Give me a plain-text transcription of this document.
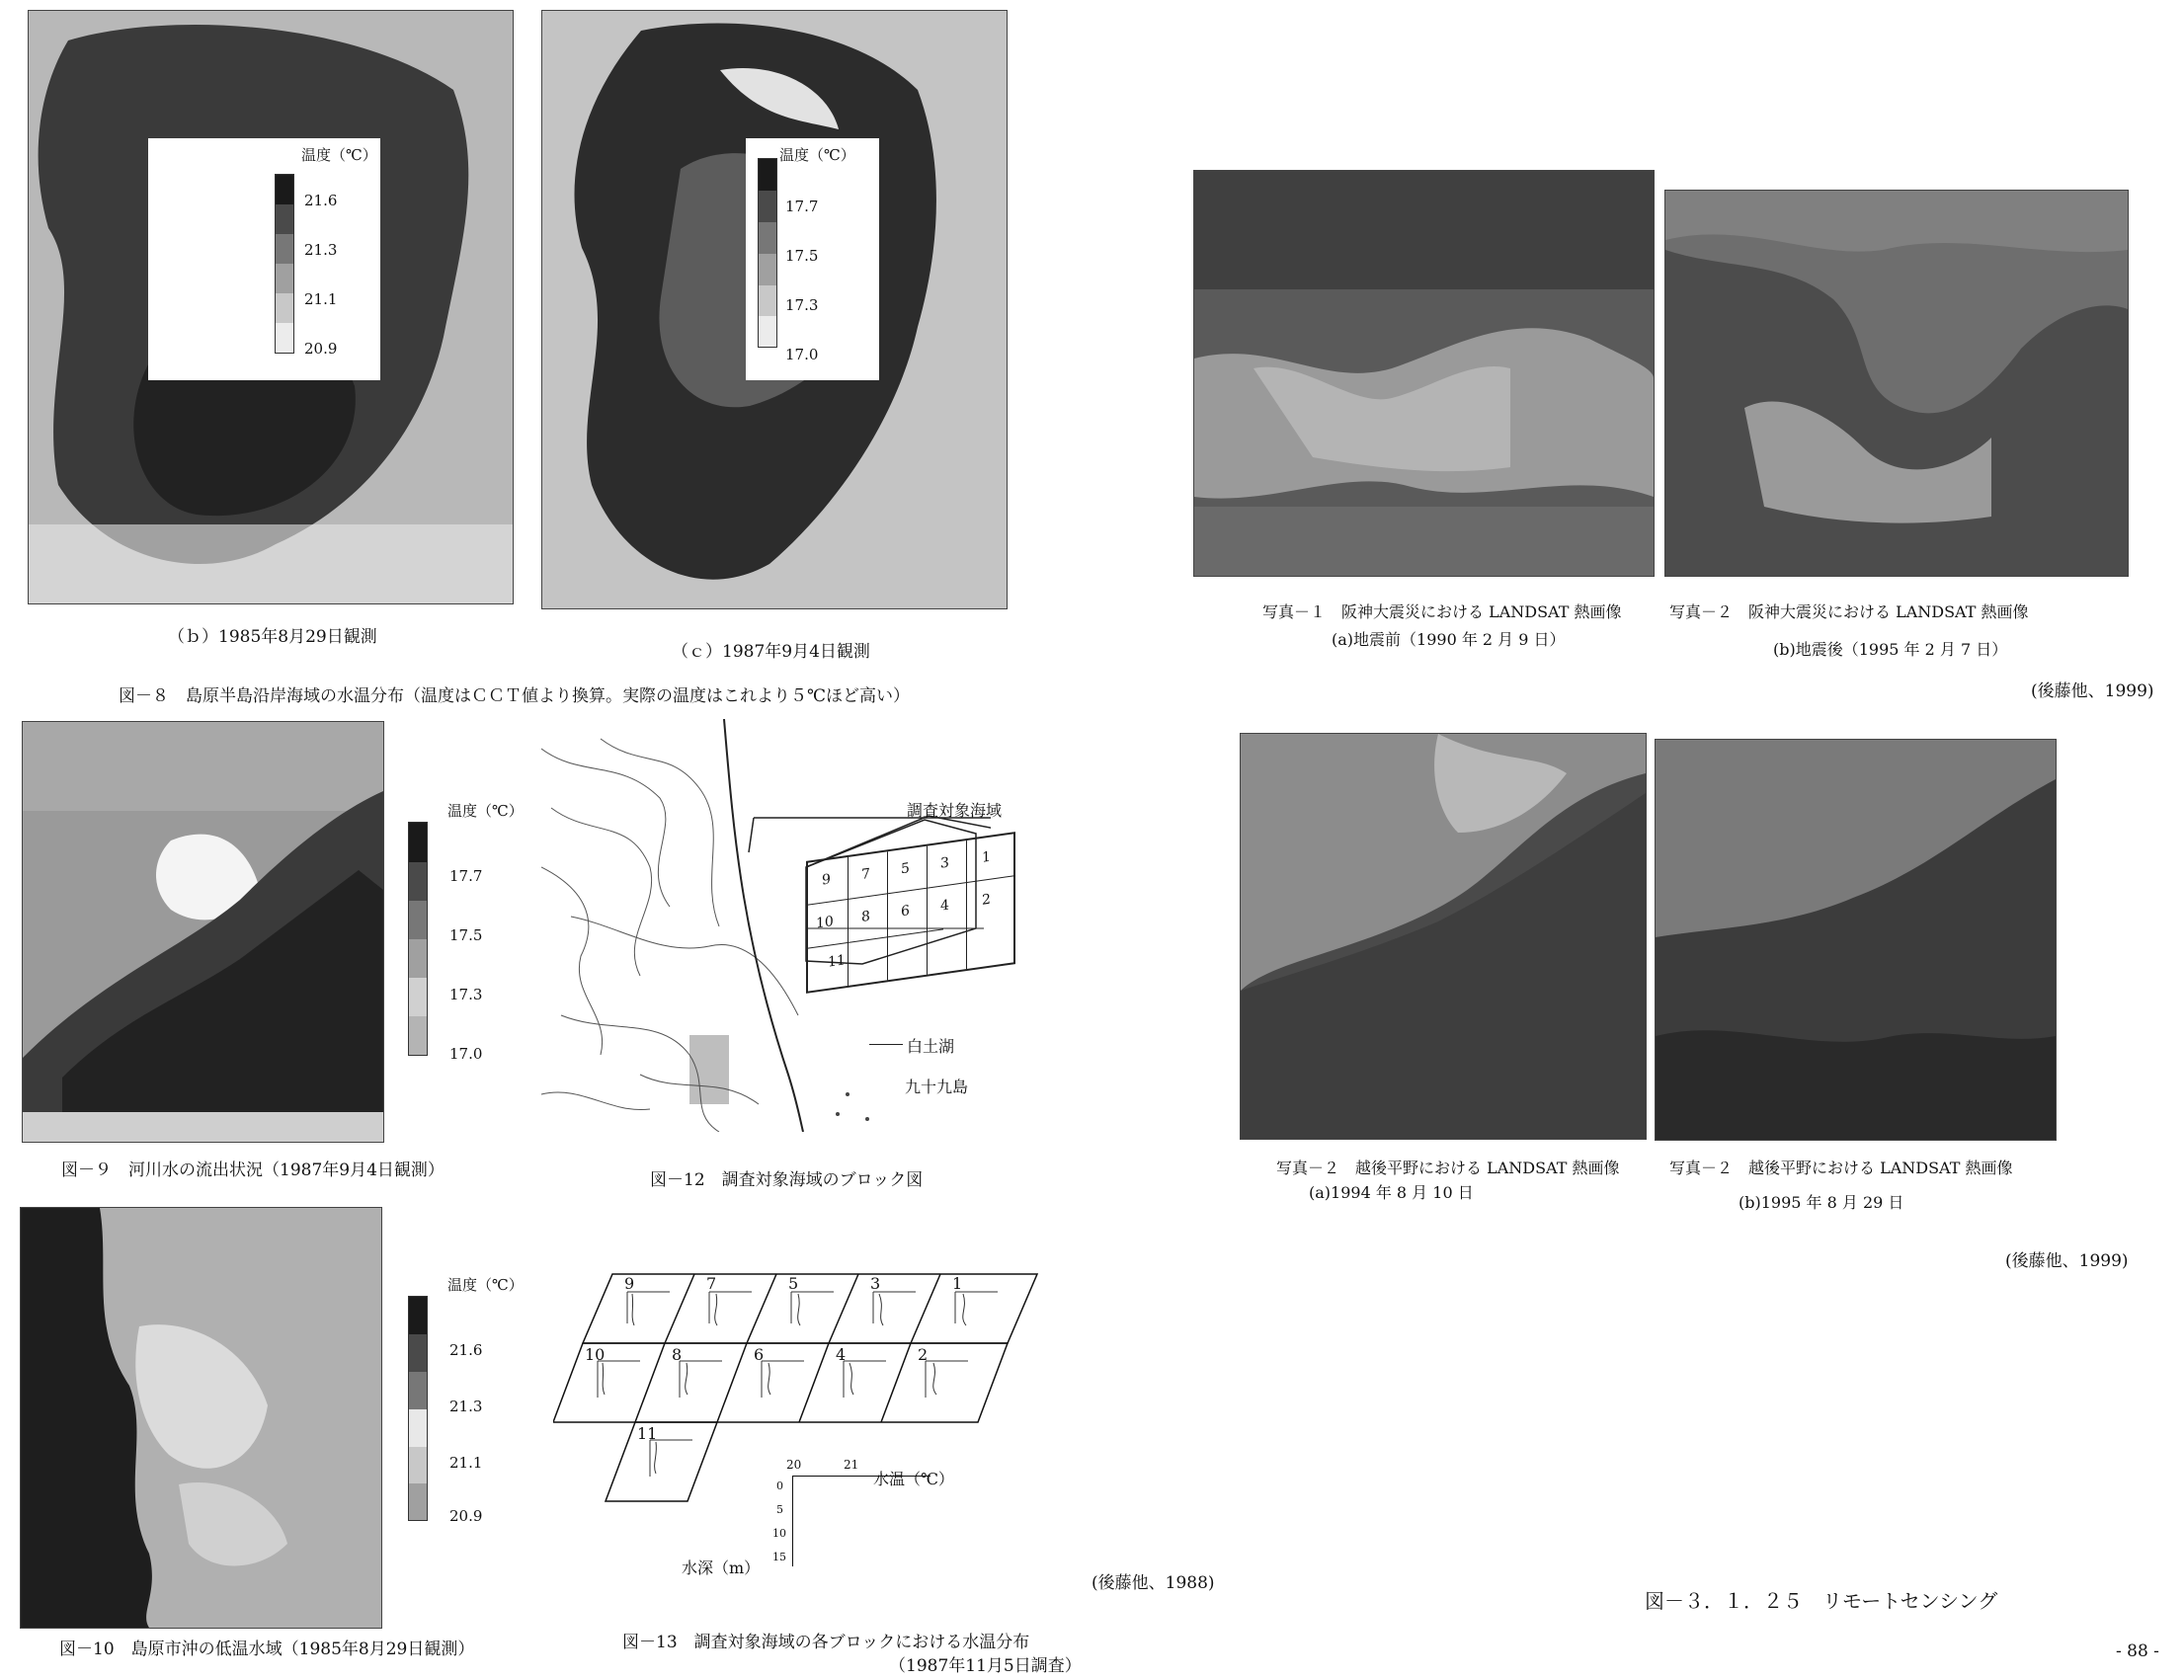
温度（℃）
21.6
21.3
21.1
20.9
温度（℃）
17.7
17.5
17.3
17.0
（ｂ）1985年8月29日観測
（ｃ）1987年9月4日観測
図－８　島原半島沿岸海域の水温分布（温度はＣＣＴ値より換算。実際の温度はこれより５℃ほど高い）
温度（℃）
17.7
17.5
17.3
17.0
図－９　河川水の流出状況（1987年9月4日観測）
9 7 5 3 1
10 8 6 4 2
11
調査対象海域
白土湖
九十九島
図－12　調査対象海域のブロック図
温度（℃）
21.6
21.3
21.1
20.9
図－10　島原市沖の低温水域（1985年8月29日観測）
9	7	5	3	1
10	8	6	4	2
11
20	21
0
5
10
15
水温（℃）
水深（m）
図－13　調査対象海域の各ブロックにおける水温分布
（1987年11月5日調査）
(後藤他、1988)
写真－１　阪神大震災における LANDSAT 熱画像
(a)地震前（1990 年 2 月 9 日）
写真－２　阪神大震災における LANDSAT 熱画像
(b)地震後（1995 年 2 月 7 日）
(後藤他、1999)
写真－２　越後平野における LANDSAT 熱画像
(a)1994 年 8 月 10 日
写真－２　越後平野における LANDSAT 熱画像
(b)1995 年 8 月 29 日
(後藤他、1999)
図－３．１．２５　リモートセンシング
- 88 -
